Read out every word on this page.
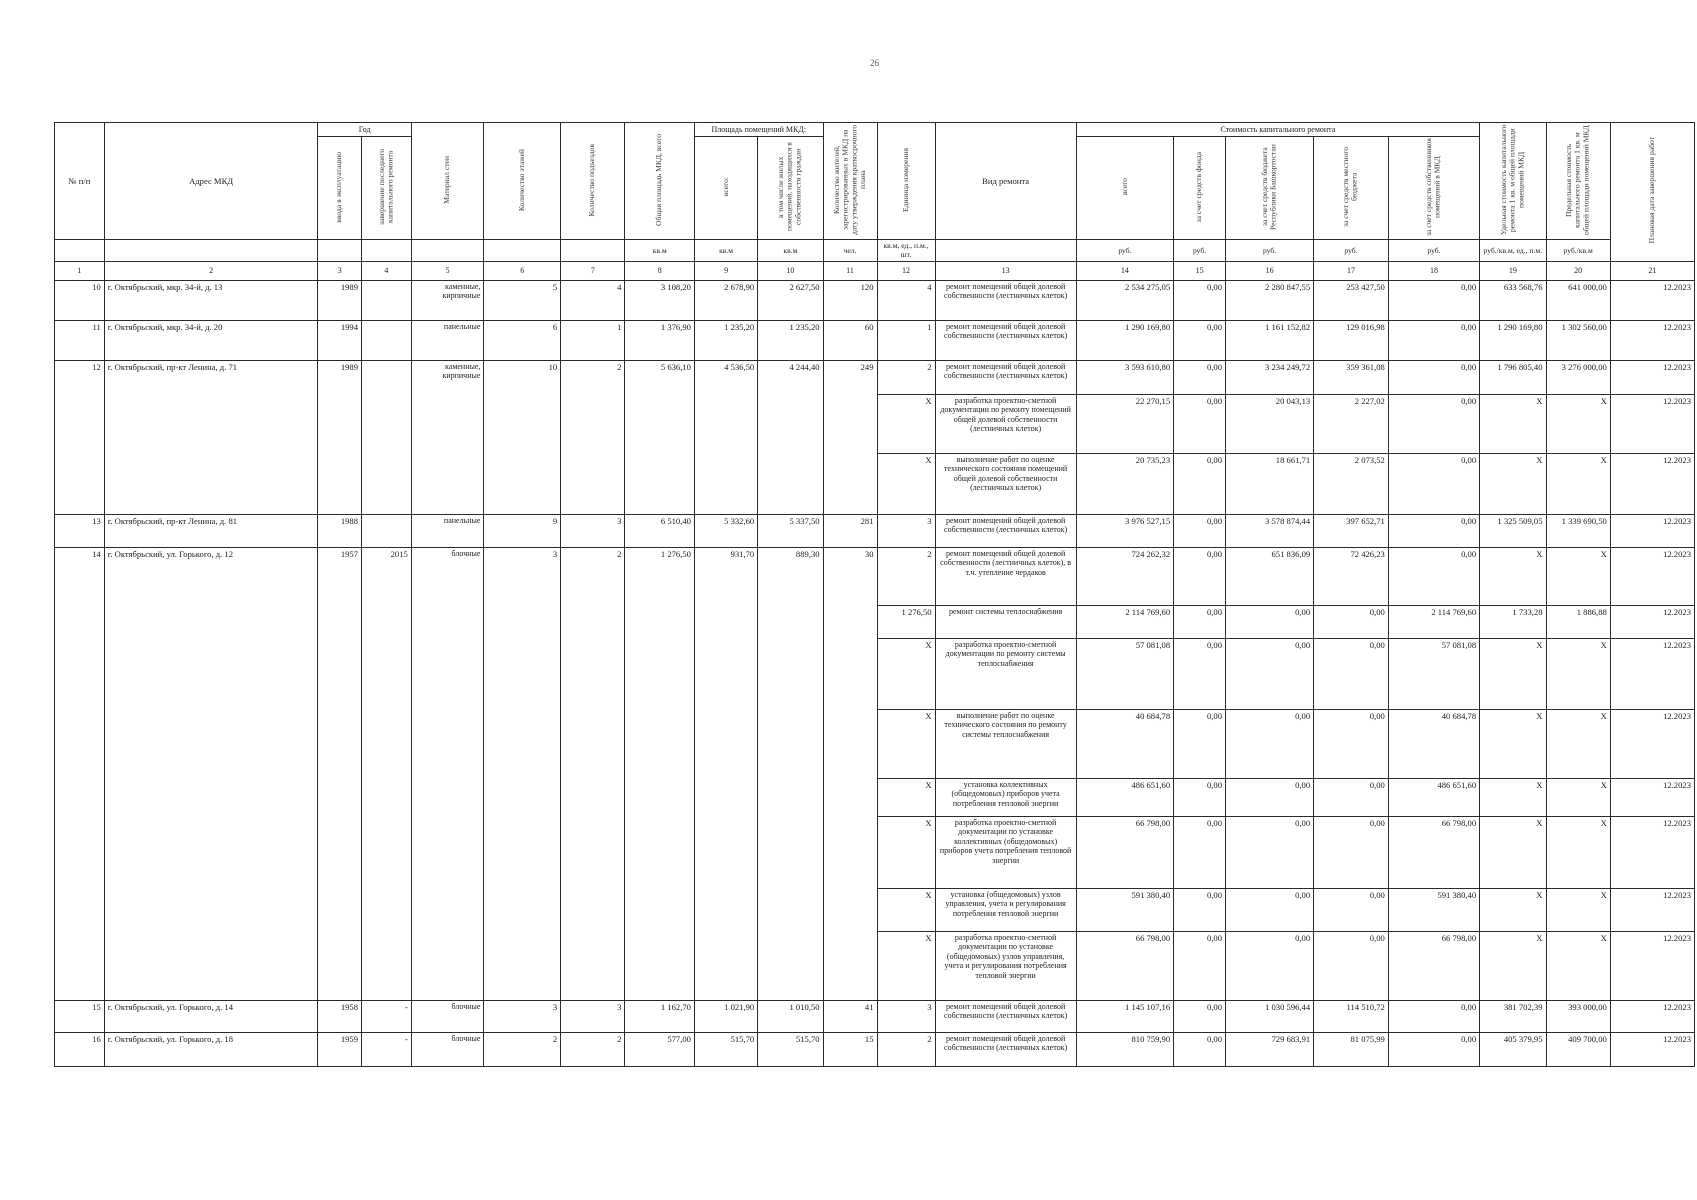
26
№ п/п	Адрес МКД	Год		Материал стен	Количество этажей	Количество подъездов	Общая площадь МКД, всего	Площадь помещений МКД:		Количество жителей, зарегистрированных в МКД на дату утверждения краткосрочного плана	Единица измерения	Вид ремонта	Стоимость капитального ремонта					Удельная стоимость капитального ремонта 1 кв. м общей площади помещений МКД	Предельная стоимость капитального ремонта 1 кв. м общей площади помещений МКД	Плановая дата завершения работ
		ввода в эксплуатацию	завершение последнего капитального ремонта					всего:	в том числе жилых помещений, находящихся в собственности граждан				всего	за счет средств фонда	за счет средств бюджета Республики Башкортостан	за счет средств местного бюджета	за счет средств собственников помещений в МКД			
							кв.м	кв.м	кв.м	чел.	кв.м, ед., п.м., шт.		руб.	руб.	руб.	руб.	руб.	руб./кв.м, ед., п.м.	руб./кв.м	
1	2	3	4	5	6	7	8	9	10	11	12	13	14	15	16	17	18	19	20	21
10	г. Октябрьский, мкр. 34-й, д. 13	1989		каменные, кирпичные	5	4	3 108,20	2 678,90	2 627,50	120	4	ремонт помещений общей долевой собственности (лестничных клеток)	2 534 275,05	0,00	2 280 847,55	253 427,50	0,00	633 568,76	641 000,00	12.2023
11	г. Октябрьский, мкр. 34-й, д. 20	1994		панельные	6	1	1 376,90	1 235,20	1 235,20	60	1	ремонт помещений общей долевой собственности (лестничных клеток)	1 290 169,80	0,00	1 161 152,82	129 016,98	0,00	1 290 169,80	1 302 560,00	12.2023
12	г. Октябрьский, пр-кт Ленина, д. 71	1989		каменные, кирпичные	10	2	5 636,10	4 536,50	4 244,40	249	2	ремонт помещений общей долевой собственности (лестничных клеток)	3 593 610,80	0,00	3 234 249,72	359 361,08	0,00	1 796 805,40	3 276 000,00	12.2023
											X	разработка проектно-сметной документации по ремонту помещений общей долевой собственности (лестничных клеток)	22 270,15	0,00	20 043,13	2 227,02	0,00	X	X	12.2023
											X	выполнение работ по оценке технического состояния помещений общей долевой собственности (лестничных клеток)	20 735,23	0,00	18 661,71	2 073,52	0,00	X	X	12.2023
13	г. Октябрьский, пр-кт Ленина, д. 81	1988		панельные	9	3	6 510,40	5 332,60	5 337,50	281	3	ремонт помещений общей долевой собственности (лестничных клеток)	3 976 527,15	0,00	3 578 874,44	397 652,71	0,00	1 325 509,05	1 339 690,50	12.2023
14	г. Октябрьский, ул. Горького, д. 12	1957	2015	блочные	3	2	1 276,50	931,70	889,30	30	2	ремонт помещений общей долевой собственности (лестничных клеток), в т.ч. утепление чердаков	724 262,32	0,00	651 836,09	72 426,23	0,00	X	X	12.2023
											1 276,50	ремонт системы теплоснабжения	2 114 769,60	0,00	0,00	0,00	2 114 769,60	1 733,28	1 886,88	12.2023
											X	разработка проектно-сметной документации по ремонту системы теплоснабжения	57 081,08	0,00	0,00	0,00	57 081,08	X	X	12.2023
											X	выполнение работ по оценке технического состояния по ремонту системы теплоснабжения	40 684,78	0,00	0,00	0,00	40 684,78	X	X	12.2023
											X	установка коллективных (общедомовых) приборов учета потребления тепловой энергии	486 651,60	0,00	0,00	0,00	486 651,60	X	X	12.2023
											X	разработка проектно-сметной документации по установке коллективных (общедомовых) приборов учета потребления тепловой энергии	66 798,00	0,00	0,00	0,00	66 798,00	X	X	12.2023
											X	установка (общедомовых) узлов управления, учета и регулирования потребления тепловой энергии	591 380,40	0,00	0,00	0,00	591 380,40	X	X	12.2023
											X	разработка проектно-сметной документации по установке (общедомовых) узлов управления, учета и регулирования потребления тепловой энергии	66 798,00	0,00	0,00	0,00	66 798,00	X	X	12.2023
15	г. Октябрьский, ул. Горького, д. 14	1958	-	блочные	3	3	1 162,70	1 021,90	1 010,50	41	3	ремонт помещений общей долевой собственности (лестничных клеток)	1 145 107,16	0,00	1 030 596,44	114 510,72	0,00	381 702,39	393 000,00	12.2023
16	г. Октябрьский, ул. Горького, д. 18	1959	-	блочные	2	2	577,00	515,70	515,70	15	2	ремонт помещений общей долевой собственности (лестничных клеток)	810 759,90	0,00	729 683,91	81 075,99	0,00	405 379,95	409 700,00	12.2023
